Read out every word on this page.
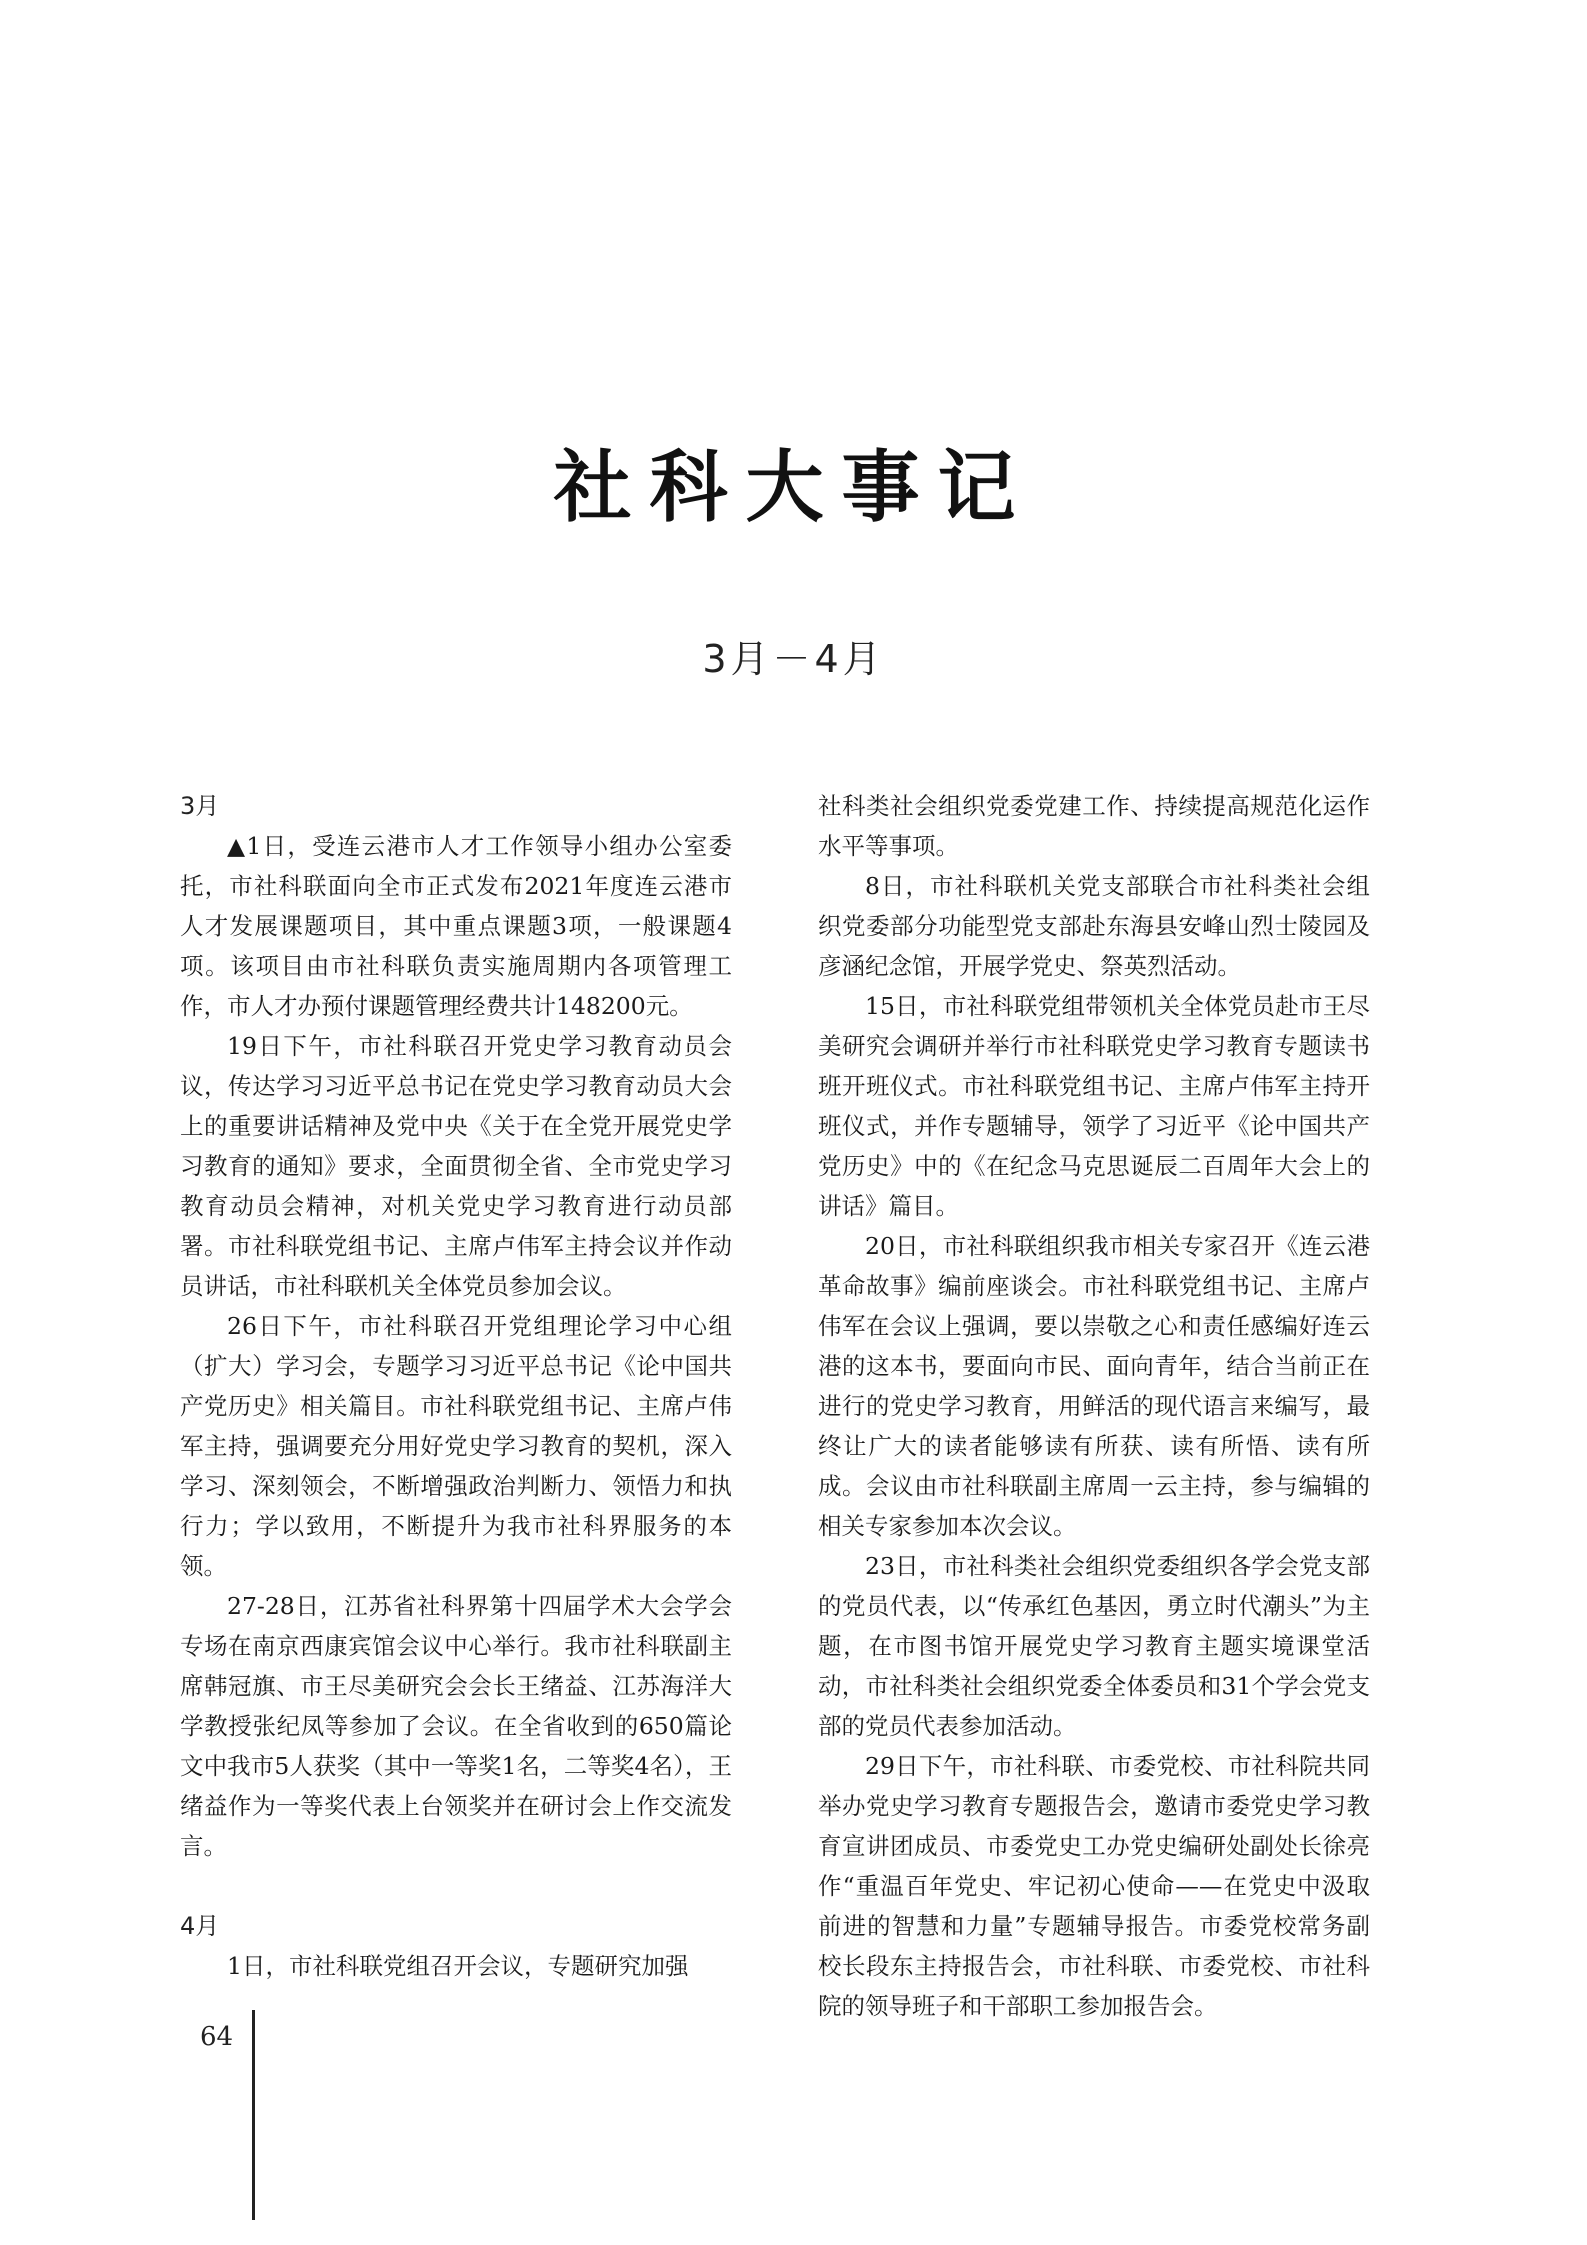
社科大事记
3月－4月
3月

▲1日，受连云港市人才工作领导小组办公室委托，市社科联面向全市正式发布2021年度连云港市人才发展课题项目，其中重点课题3项，一般课题4项。该项目由市社科联负责实施周期内各项管理工作，市人才办预付课题管理经费共计148200元。

19日下午，市社科联召开党史学习教育动员会议，传达学习习近平总书记在党史学习教育动员大会上的重要讲话精神及党中央《关于在全党开展党史学习教育的通知》要求，全面贯彻全省、全市党史学习教育动员会精神，对机关党史学习教育进行动员部署。市社科联党组书记、主席卢伟军主持会议并作动员讲话，市社科联机关全体党员参加会议。

26日下午，市社科联召开党组理论学习中心组（扩大）学习会，专题学习习近平总书记《论中国共产党历史》相关篇目。市社科联党组书记、主席卢伟军主持，强调要充分用好党史学习教育的契机，深入学习、深刻领会，不断增强政治判断力、领悟力和执行力；学以致用，不断提升为我市社科界服务的本领。

27-28日，江苏省社科界第十四届学术大会学会专场在南京西康宾馆会议中心举行。我市社科联副主席韩冠旗、市王尽美研究会会长王绪益、江苏海洋大学教授张纪凤等参加了会议。在全省收到的650篇论文中我市5人获奖（其中一等奖1名，二等奖4名），王绪益作为一等奖代表上台领奖并在研讨会上作交流发言。

4月

1日，市社科联党组召开会议，专题研究加强

社科类社会组织党委党建工作、持续提高规范化运作水平等事项。

8日，市社科联机关党支部联合市社科类社会组织党委部分功能型党支部赴东海县安峰山烈士陵园及彦涵纪念馆，开展学党史、祭英烈活动。

15日，市社科联党组带领机关全体党员赴市王尽美研究会调研并举行市社科联党史学习教育专题读书班开班仪式。市社科联党组书记、主席卢伟军主持开班仪式，并作专题辅导，领学了习近平《论中国共产党历史》中的《在纪念马克思诞辰二百周年大会上的讲话》篇目。

20日，市社科联组织我市相关专家召开《连云港革命故事》编前座谈会。市社科联党组书记、主席卢伟军在会议上强调，要以崇敬之心和责任感编好连云港的这本书，要面向市民、面向青年，结合当前正在进行的党史学习教育，用鲜活的现代语言来编写，最终让广大的读者能够读有所获、读有所悟、读有所成。会议由市社科联副主席周一云主持，参与编辑的相关专家参加本次会议。

23日，市社科类社会组织党委组织各学会党支部的党员代表，以“传承红色基因，勇立时代潮头”为主题，在市图书馆开展党史学习教育主题实境课堂活动，市社科类社会组织党委全体委员和31个学会党支部的党员代表参加活动。

29日下午，市社科联、市委党校、市社科院共同举办党史学习教育专题报告会，邀请市委党史学习教育宣讲团成员、市委党史工办党史编研处副处长徐亮作“重温百年党史、牢记初心使命——在党史中汲取前进的智慧和力量”专题辅导报告。市委党校常务副校长段东主持报告会，市社科联、市委党校、市社科院的领导班子和干部职工参加报告会。

64
